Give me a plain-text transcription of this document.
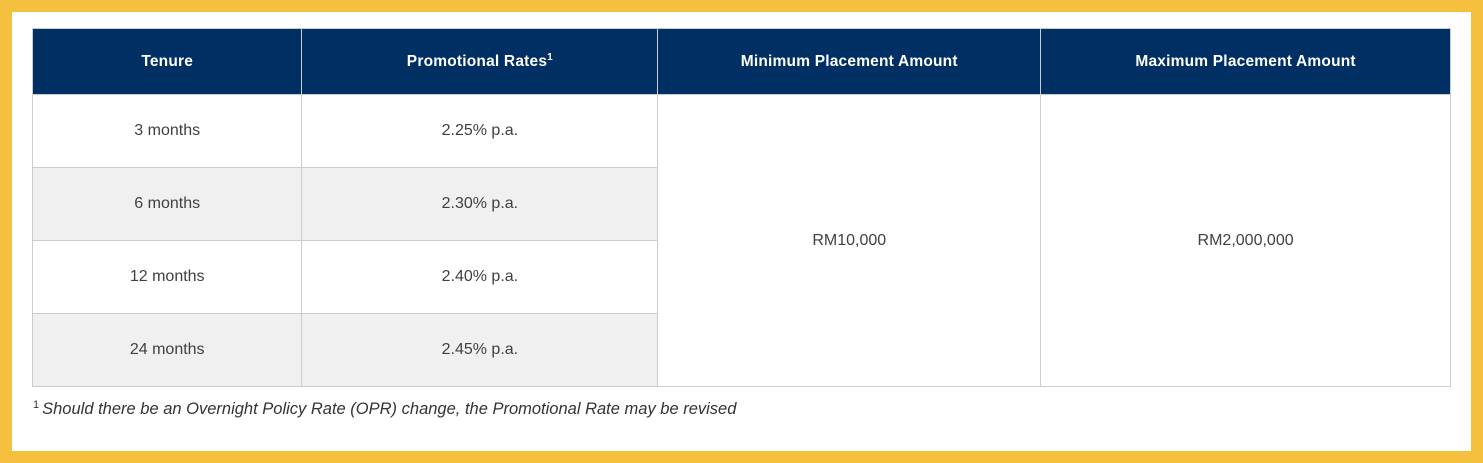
Tenure	Promotional Rates$^1$	Minimum Placement Amount	Maximum Placement Amount
3 months	2.25% p.a.	RM10,000	RM2,000,000
6 months	2.30% p.a.		
12 months	2.40% p.a.		
24 months	2.45% p.a.		

$^1$ Should there be an Overnight Policy Rate (OPR) change, the Promotional Rate may be revised
